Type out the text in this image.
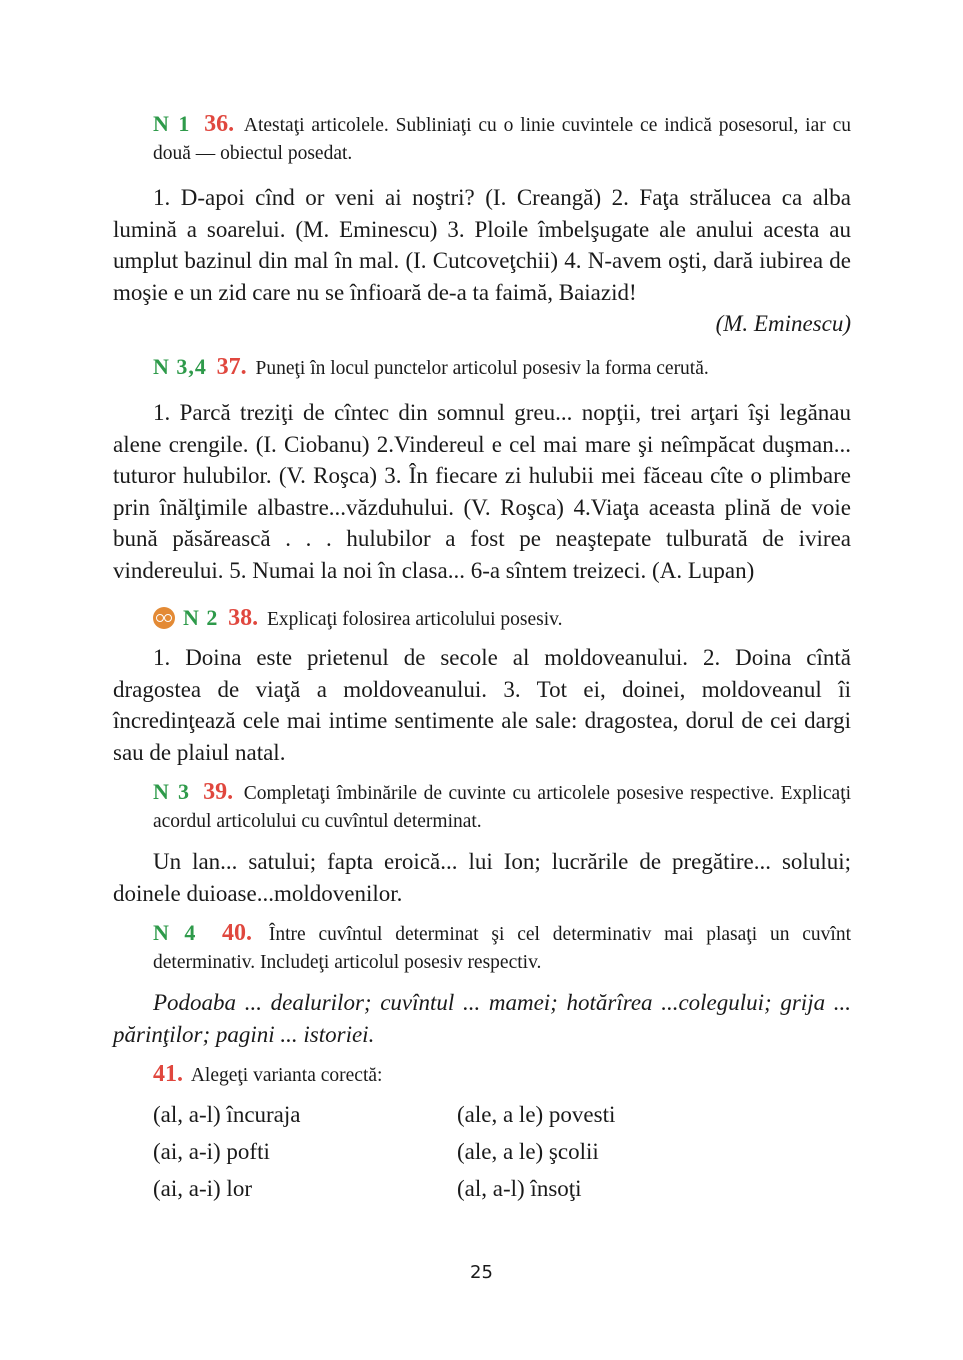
N 1 36. Atestaţi articolele. Subliniaţi cu o linie cuvintele ce indică posesorul, iar cu două — obiectul posedat.

1. D-apoi cînd or veni ai noştri? (I. Creangă) 2. Faţa strălucea ca alba lumină a soarelui. (M. Eminescu) 3. Ploile îmbelşugate ale anului acesta au umplut bazinul din mal în mal. (I. Cutcoveţchii) 4. N-avem oşti, dară iubirea de moşie e un zid care nu se înfioară de-a ta faimă, Baiazid!

(M. Eminescu)

N 3,4 37. Puneţi în locul punctelor articolul posesiv la forma cerută.

1. Parcă treziţi de cîntec din somnul greu... nopţii, trei arţari îşi legănau alene crengile. (I. Ciobanu) 2.Vindereul e cel mai mare şi neîmpăcat duşman... tuturor hulubilor. (V. Roşca) 3. În fiecare zi hulubii mei făceau cîte o plimbare prin înălţimile albastre...văzduhului. (V. Roşca) 4.Viaţa aceasta plină de voie bună păsărească . . . hulubilor a fost pe neaştepate tulburată de ivirea vindereului. 5. Numai la noi în clasa... 6-a sîntem treizeci. (A. Lupan)

N 2 38. Explicaţi folosirea articolului posesiv.

1. Doina este prietenul de secole al moldoveanului. 2. Doina cîntă dragostea de viaţă a moldoveanului. 3. Tot ei, doinei, moldoveanul îi încredinţează cele mai intime sentimente ale sale: dragostea, dorul de cei dargi sau de plaiul natal.

N 3 39. Completaţi îmbinările de cuvinte cu articolele posesive respective. Explicaţi acordul articolului cu cuvîntul determinat.

Un lan... satului; fapta eroică... lui Ion; lucrările de pregătire... solului; doinele duioase...moldovenilor.

N 4 40. Între cuvîntul determinat şi cel determinativ mai plasaţi un cuvînt determinativ. Includeţi articolul posesiv respectiv.

Podoaba ... dealurilor; cuvîntul ... mamei; hotărîrea ...colegului; grija ... părinţilor; pagini ... istoriei.

41. Alegeţi varianta corectă:

(al, a-l) încuraja	(ale, a le) povesti
(ai, a-i) pofti	(ale, a le) şcolii
(ai, a-i) lor	(al, a-l) însoţi
25
